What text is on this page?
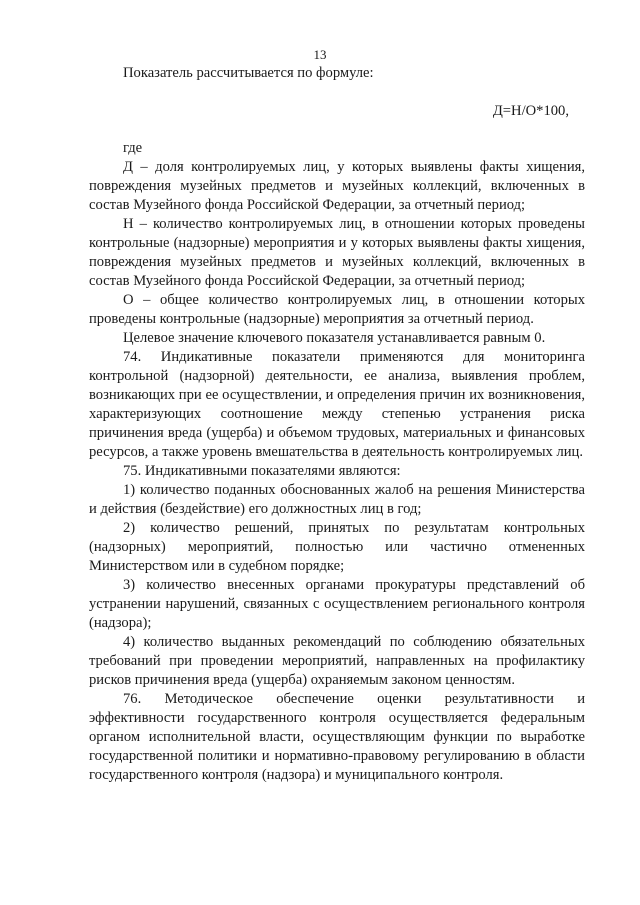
13

Показатель рассчитывается по формуле:

Д=Н/О*100,

где

Д – доля контролируемых лиц, у которых выявлены факты хищения, повреждения музейных предметов и музейных коллекций, включенных в состав Музейного фонда Российской Федерации, за отчетный период;

Н – количество контролируемых лиц, в отношении которых проведены контрольные (надзорные) мероприятия и у которых выявлены факты хищения, повреждения музейных предметов и музейных коллекций, включенных в состав Музейного фонда Российской Федерации, за отчетный период;

О – общее количество контролируемых лиц, в отношении которых проведены контрольные (надзорные) мероприятия за отчетный период.

Целевое значение ключевого показателя устанавливается равным 0.

74. Индикативные показатели применяются для мониторинга контрольной (надзорной) деятельности, ее анализа, выявления проблем, возникающих при ее осуществлении, и определения причин их возникновения, характеризующих соотношение между степенью устранения риска причинения вреда (ущерба) и объемом трудовых, материальных и финансовых ресурсов, а также уровень вмешательства в деятельность контролируемых лиц.

75. Индикативными показателями являются:

1) количество поданных обоснованных жалоб на решения Министерства и действия (бездействие) его должностных лиц в год;

2) количество решений, принятых по результатам контрольных (надзорных) мероприятий, полностью или частично отмененных Министерством или в судебном порядке;

3) количество внесенных органами прокуратуры представлений об устранении нарушений, связанных с осуществлением регионального контроля (надзора);

4) количество выданных рекомендаций по соблюдению обязательных требований при проведении мероприятий, направленных на профилактику рисков причинения вреда (ущерба) охраняемым законом ценностям.

76. Методическое обеспечение оценки результативности и эффективности государственного контроля осуществляется федеральным органом исполнительной власти, осуществляющим функции по выработке государственной политики и нормативно-правовому регулированию в области государственного контроля (надзора) и муниципального контроля.
